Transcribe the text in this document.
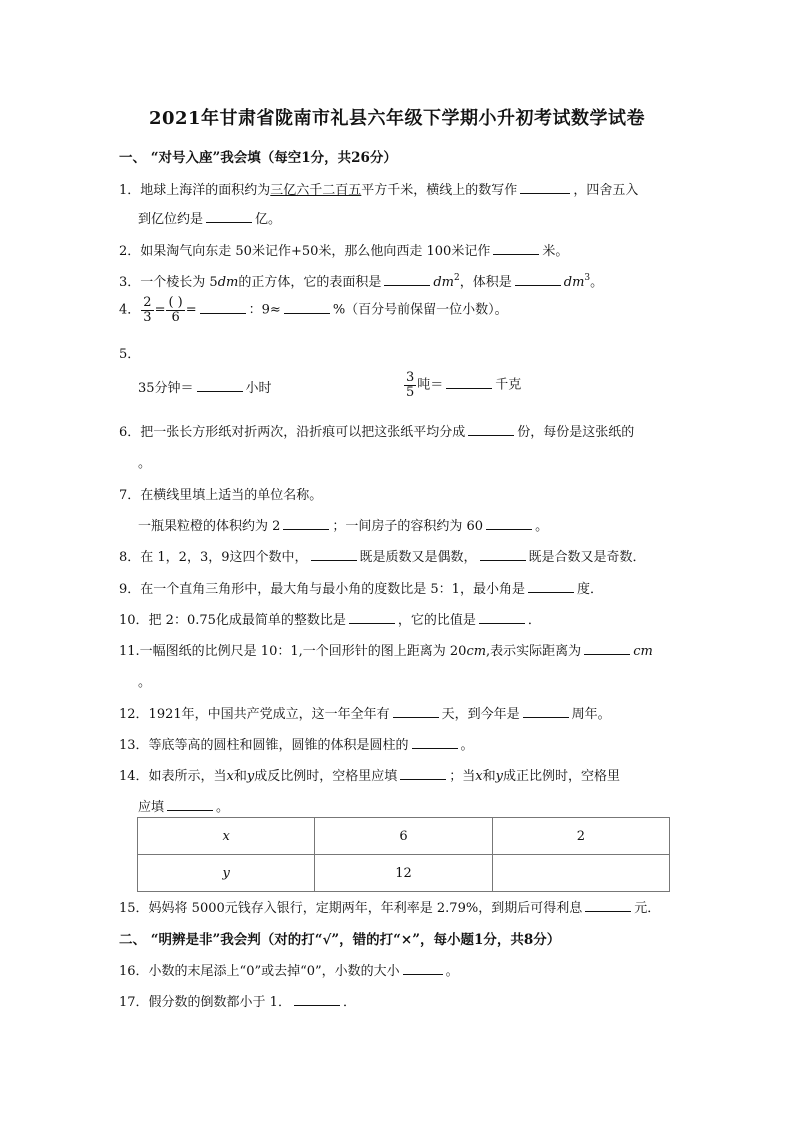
2021年甘肃省陇南市礼县六年级下学期小升初考试数学试卷
一、 “对号入座”我会填（每空1分，共26分）
1．地球上海洋的面积约为三亿六千二百五平方千米，横线上的数写作	，四舍五入
到亿位约是	亿。
2．如果淘气向东走 50米记作+50米，那么他向西走 100米记作	米。
3．一个棱长为 5dm的正方体，它的表面积是	$dm^2$，体积是	$dm^3$。
4． $\frac{2}{3} = \frac{( )}{6}$ =	：9≈	%（百分号前保留一位小数）。
5．
35分钟＝	小时	$\frac{3}{5}$ 吨＝	千克
6．把一张长方形纸对折两次，沿折痕可以把这张纸平均分成	份，每份是这张纸的
。
7．在横线里填上适当的单位名称。
一瓶果粒橙的体积约为 2	；一间房子的容积约为 60	。
8．在 1，2，3，9这四个数中，	既是质数又是偶数，	既是合数又是奇数．
9．在一个直角三角形中，最大角与最小角的度数比是 5：1，最小角是	度．
10．把 2：0.75化成最简单的整数比是	，它的比值是	．
11.一幅图纸的比例尺是 10：1,一个回形针的图上距离为 20cm,表示实际距离为	cm
。
12．1921年，中国共产党成立，这一年全年有	天，到今年是	周年。
13．等底等高的圆柱和圆锥，圆锥的体积是圆柱的	。
14．如表所示，当x和y成反比例时，空格里应填	；当x和y成正比例时，空格里
应填	。
x	6	2
y	12	
15．妈妈将 5000元钱存入银行，定期两年，年利率是 2.79%，到期后可得利息	元．
二、 “明辨是非”我会判（对的打“√”，错的打“×”，每小题1分，共8分）
16．小数的末尾添上“0”或去掉“0”，小数的大小	。
17．假分数的倒数都小于 1．	．
